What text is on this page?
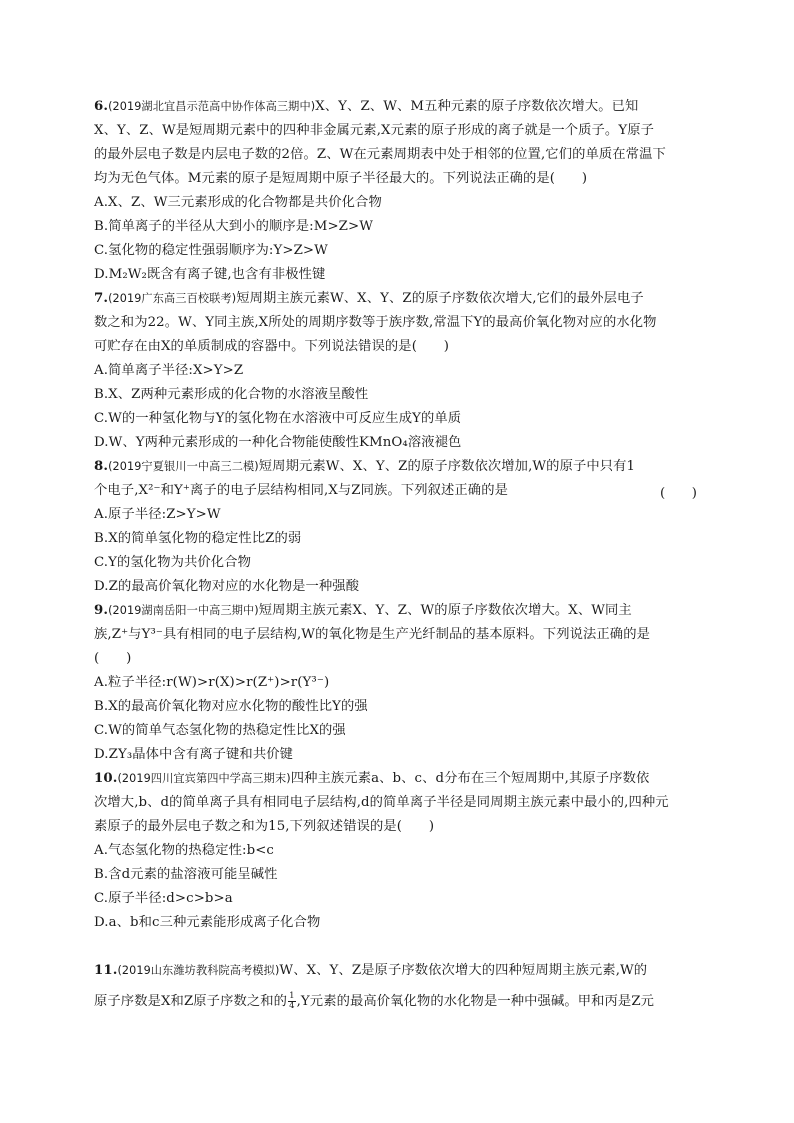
6.(2019湖北宜昌示范高中协作体高三期中)X、Y、Z、W、M五种元素的原子序数依次增大。已知
X、Y、Z、W是短周期元素中的四种非金属元素,X元素的原子形成的离子就是一个质子。Y原子
的最外层电子数是内层电子数的2倍。Z、W在元素周期表中处于相邻的位置,它们的单质在常温下
均为无色气体。M元素的原子是短周期中原子半径最大的。下列说法正确的是(　　)
A.X、Z、W三元素形成的化合物都是共价化合物
B.简单离子的半径从大到小的顺序是:M>Z>W
C.氢化物的稳定性强弱顺序为:Y>Z>W
D.M₂W₂既含有离子键,也含有非极性键
7.(2019广东高三百校联考)短周期主族元素W、X、Y、Z的原子序数依次增大,它们的最外层电子
数之和为22。W、Y同主族,X所处的周期序数等于族序数,常温下Y的最高价氧化物对应的水化物
可贮存在由X的单质制成的容器中。下列说法错误的是(　　)
A.简单离子半径:X>Y>Z
B.X、Z两种元素形成的化合物的水溶液呈酸性
C.W的一种氢化物与Y的氢化物在水溶液中可反应生成Y的单质
D.W、Y两种元素形成的一种化合物能使酸性KMnO₄溶液褪色
8.(2019宁夏银川一中高三二模)短周期元素W、X、Y、Z的原子序数依次增加,W的原子中只有1
个电子,X²⁻和Y⁺离子的电子层结构相同,X与Z同族。下列叙述正确的是	(　　)
A.原子半径:Z>Y>W
B.X的简单氢化物的稳定性比Z的弱
C.Y的氢化物为共价化合物
D.Z的最高价氧化物对应的水化物是一种强酸
9.(2019湖南岳阳一中高三期中)短周期主族元素X、Y、Z、W的原子序数依次增大。X、W同主
族,Z⁺与Y³⁻具有相同的电子层结构,W的氧化物是生产光纤制品的基本原料。下列说法正确的是
(　　)
A.粒子半径:r(W)>r(X)>r(Z⁺)>r(Y³⁻)
B.X的最高价氧化物对应水化物的酸性比Y的强
C.W的简单气态氢化物的热稳定性比X的强
D.ZY₃晶体中含有离子键和共价键
10.(2019四川宜宾第四中学高三期末)四种主族元素a、b、c、d分布在三个短周期中,其原子序数依
次增大,b、d的简单离子具有相同电子层结构,d的简单离子半径是同周期主族元素中最小的,四种元
素原子的最外层电子数之和为15,下列叙述错误的是(　　)
A.气态氢化物的热稳定性:b<c
B.含d元素的盐溶液可能呈碱性
C.原子半径:d>c>b>a
D.a、b和c三种元素能形成离子化合物
11.(2019山东潍坊教科院高考模拟)W、X、Y、Z是原子序数依次增大的四种短周期主族元素,W的
原子序数是X和Z原子序数之和的 $\frac{1}{4} ,Y$元素的最高价氧化物的水化物是一种中强碱。甲和丙是Z元
